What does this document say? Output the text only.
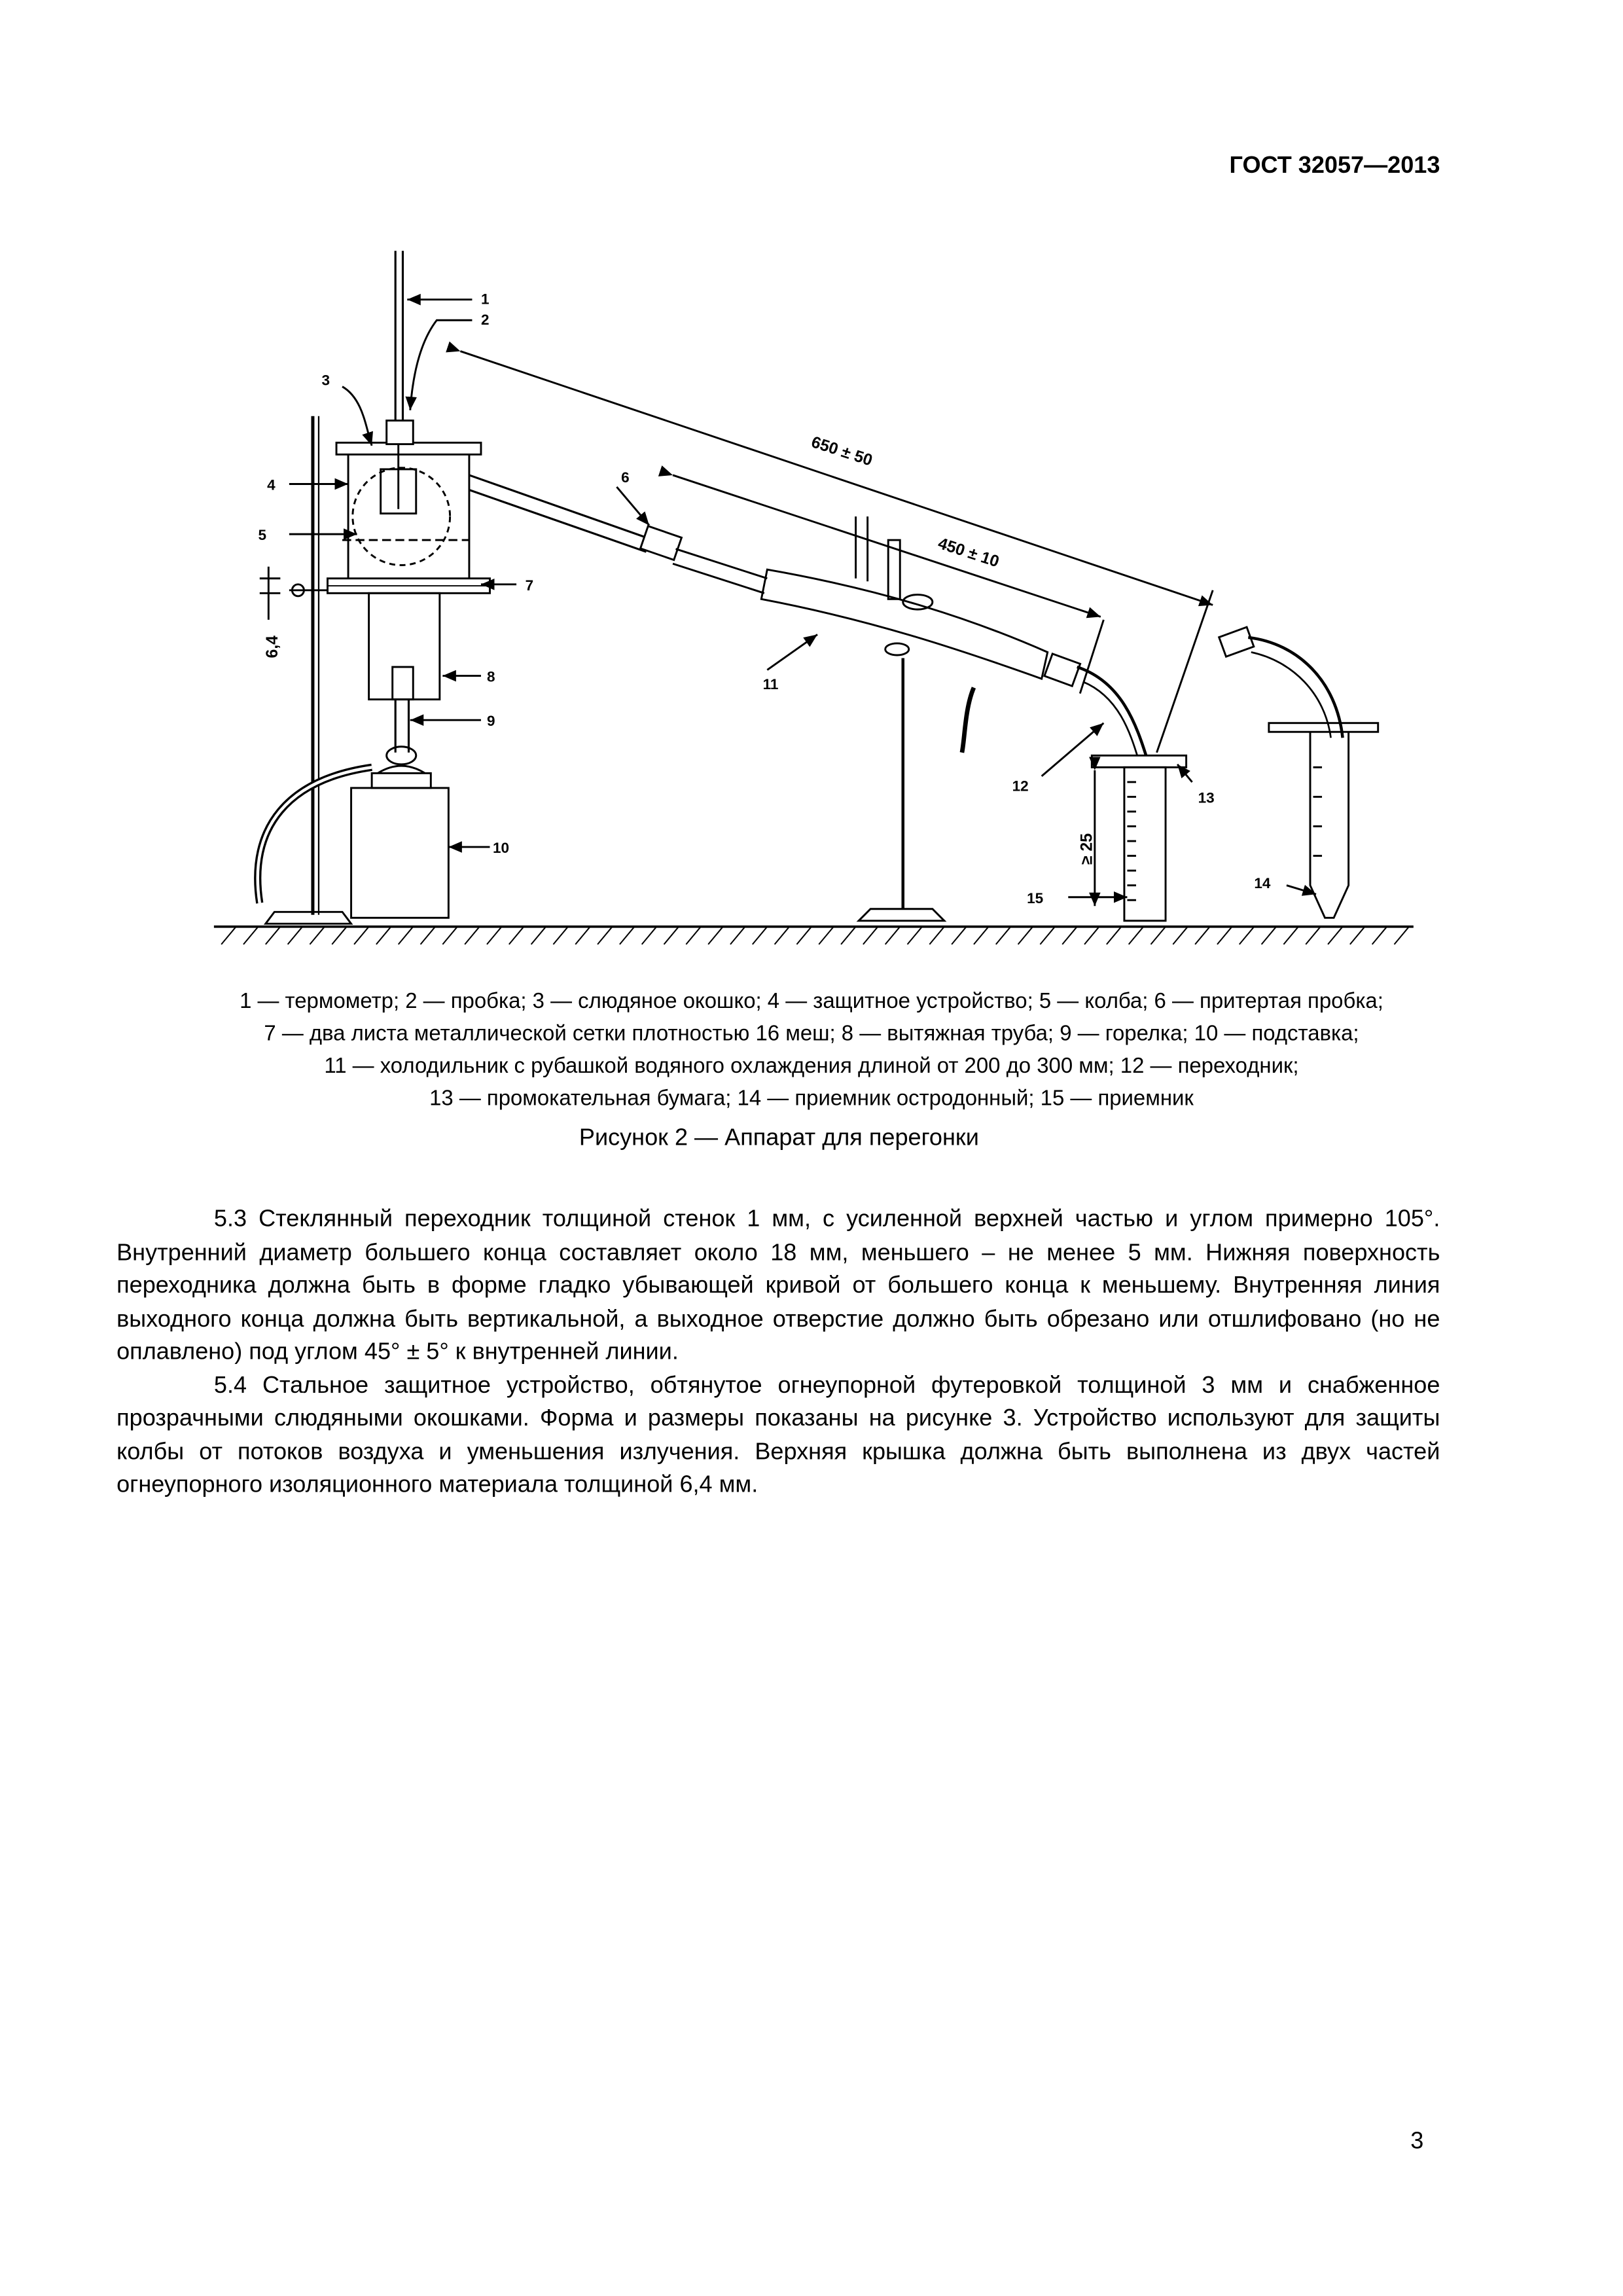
ГОСТ 32057—2013
1
2
3
4
5
6
7
8
9
10
11
12
13
14
15
650 ± 50
450 ± 10
6,4
≥ 25
1 — термометр; 2 — пробка; 3 — слюдяное окошко; 4 — защитное устройство; 5 — колба; 6 — притертая пробка;
7 — два листа металлической сетки плотностью 16 меш; 8 — вытяжная труба; 9 — горелка; 10 — подставка;
11 — холодильник с рубашкой водяного охлаждения длиной от 200 до 300 мм; 12 — переходник;
13 — промокательная бумага; 14 — приемник остродонный; 15 — приемник
Рисунок 2 — Аппарат для перегонки

5.3 Стеклянный переходник толщиной стенок 1 мм, с усиленной верхней частью и углом примерно 105°. Внутренний диаметр большего конца составляет около 18 мм, меньшего – не менее 5 мм. Нижняя поверхность переходника должна быть в форме гладко убывающей кривой от большего конца к меньшему. Внутренняя линия выходного конца должна быть вертикальной, а выходное отверстие должно быть обрезано или отшлифовано (но не оплавлено) под углом 45° ± 5° к внутренней линии.

5.4 Стальное защитное устройство, обтянутое огнеупорной футеровкой толщиной 3 мм и снабженное прозрачными слюдяными окошками. Форма и размеры показаны на рисунке 3. Устройство используют для защиты колбы от потоков воздуха и уменьшения излучения. Верхняя крышка должна быть выполнена из двух частей огнеупорного изоляционного материала толщиной 6,4 мм.

3
